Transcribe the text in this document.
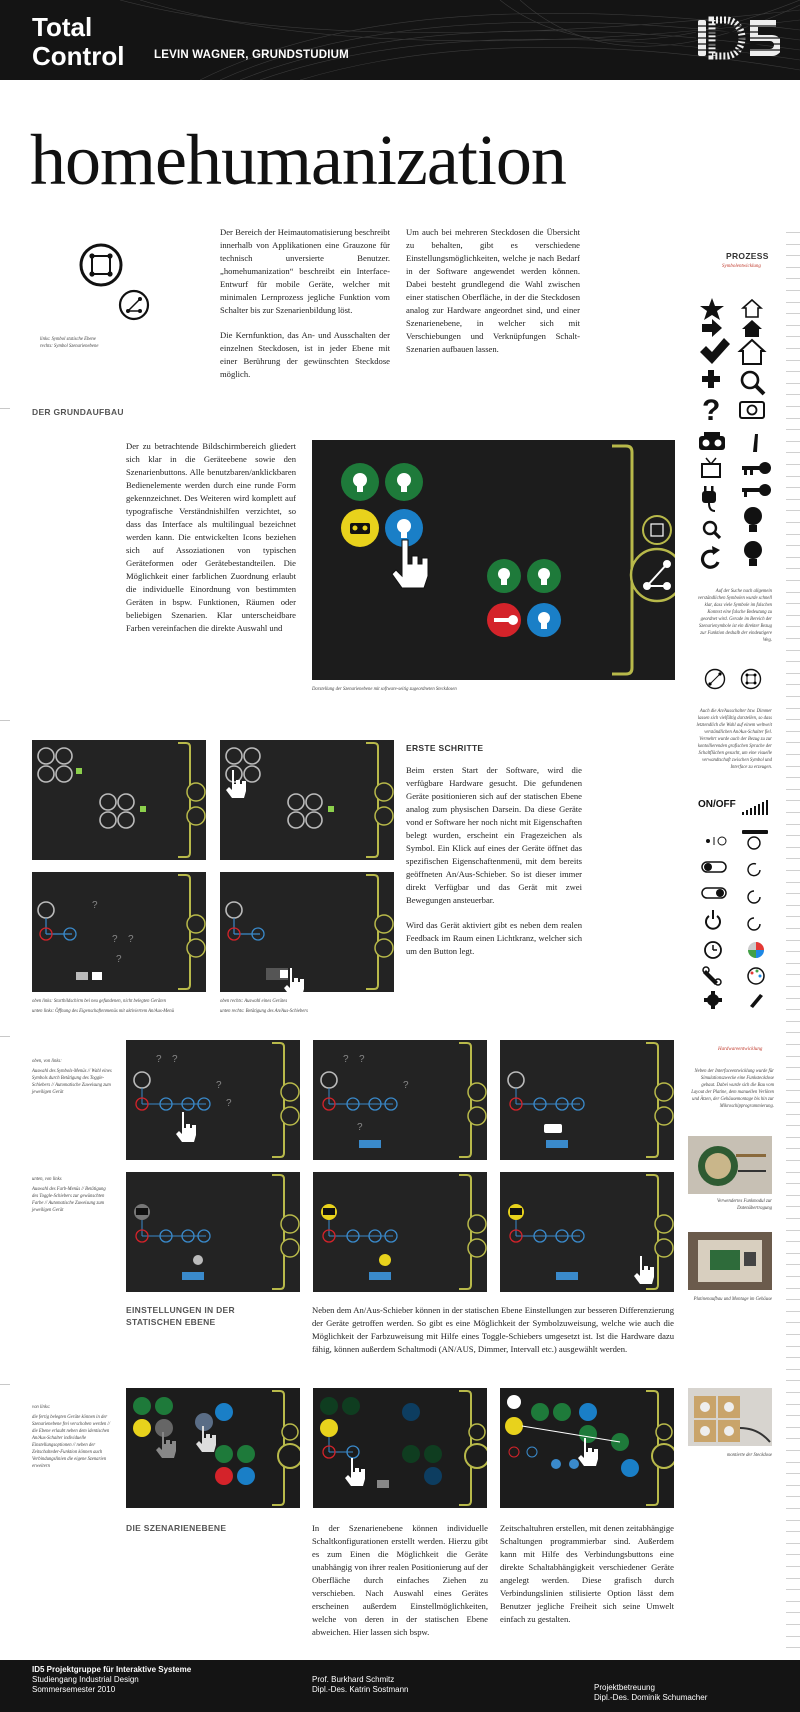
Total
Control	LEVIN WAGNER, GRUNDSTUDIUM
homehumanization
links: Symbol statische Ebene
rechts: Symbol Szenarienebene

Der Bereich der Heimautomatisierung beschreibt innerhalb von Applikationen eine Grauzone für technisch unversierte Benutzer. „homehumanization“ beschreibt ein Interface-Entwurf für mobile Geräte, welcher mit minimalen Lernprozess jegliche Funktion vom Schalter bis zur Szenarienbildung löst.

Die Kernfunktion, das An- und Ausschalten der einzelnen Steckdosen, ist in jeder Ebene mit einer Berührung der gewünschten Steckdose möglich.

Um auch bei mehreren Steckdosen die Übersicht zu behalten, gibt es verschiedene Einstellungsmöglichkeiten, welche je nach Bedarf in der Software angewendet werden können. Dabei besteht grundlegend die Wahl zwischen einer statischen Oberfläche, in der die Steckdosen analog zur Hardware angeordnet sind, und einer Szenarienebene, in welcher sich mit Verschiebungen und Verknüpfungen Schalt-Szenarien aufbauen lassen.
PROZESS
Symbolentwicklung
?
Auf der Suche nach allgemein verständlichen Symbolen wurde schnell klar, dass viele Symbole im falschen Kontext eine falsche Bedeutung zu geordnet wird. Gerade im Bereich der Szenarienymbole ist ein direkter Bezug zur Funktion deshalb der eindeutigere Weg.
Auch die An/Ausschalter bzw. Dimmer lassen sich vielfältig darstellen, so dass letztendlich die Wahl auf einem weltweit verständlichen An/Aus-Schalter fiel. Vermehrt wurde auch der Bezug zu zur kontollierenden grafischen Sprache der Schaltflächen gesucht, um eine visuelle verwandtschaft zwischen Symbol und Interface zu erzeugen.
ON/OFF
Hardwareentwicklung
Neben der Interfaceentwicklung wurde für Simulationszwecke eine Funksteckdose gebaut. Dabei wurde sich die Bau vom Layout der Platine, dem manuellen Verlöten und Ätzen, der Gehäusemontage bis hin zur Mikroschipprogrammierung.
Verwendertes Funkmodul zur Datenübertragung
Platinenaufbau und Montage im Gehäuse
montierte der Steckdose
DER GRUNDAUFBAU
Der zu betrachtende Bildschirmbereich gliedert sich klar in die Geräteebene sowie den Szenarienbuttons. Alle benutzbaren/anklickbaren Bedienelemente werden durch eine runde Form gekennzeichnet. Des Weiteren wird komplett auf typografische Verständnishilfen verzichtet, so dass das Interface als multilingual bezeichnet werden kann. Die entwickelten Icons beziehen sich auf Assoziationen von typischen Geräteformen oder Gerätebestandteilen. Die Möglichkeit einer farblichen Zuordnung erlaubt die individuelle Einordnung von bestimmten Geräten in bspw. Funktionen, Räumen oder beliebigen Szenarien. Klar unterscheidbare Farben vereinfachen die direkte Auswahl und
Darstellung der Szenarienebene mit software-seitig zugeordneten Steckdosen
?
? ?
?
oben links: Startbildschirm bei neu gefundenen, nicht belegten Geräten
unten links: Öffnung des Eigenschaftenmenüs mit aktiviertem An/Aus-Menü
oben rechts: Auswahl eines Gerätes
unten rechts: Betätigung des An/Aus-Schiebers
ERSTE SCHRITTE

Beim ersten Start der Software, wird die verfügbare Hardware gesucht. Die gefundenen Geräte positionieren sich auf der statischen Ebene analog zum physischen Darsein. Da diese Geräte vond er Software her noch nicht mit Eigenschaften belegt wurden, erscheint ein Fragezeichen als Symbol. Ein Klick auf eines der Geräte öffnet das spezifischen Eigenschaftenmenü, mit dem bereits geöffneten An/Aus-Schieber. So ist dieser immer direkt Verfügbar und das Gerät mit zwei Bewegungen ansteuerbar.

Wird das Gerät aktiviert gibt es neben dem realen Feedback im Raum einen Lichtkranz, welcher sich um den Button legt.

oben, von links:
Auswahl des Symbols-Menüs // Wahl eines Symbols durch Betätigung des Toggle-Schiebers // Automatische Zuweisung zum jeweiligen Gerät
unten, von links
Auswahl des Farb-Menüs // Betätigung des Toggle-Schiebers zur gewünschten Farbe // Automatische Zuweisung zum jeweiligen Gerät
? ?
?
?
? ?
?
?
EINSTELLUNGEN IN DER
STATISCHEN EBENE
Neben dem An/Aus-Schieber können in der statischen Ebene Einstellungen zur besseren Differenzierung der Geräte getroffen werden. So gibt es eine Möglichkeit der Symbolzuweisung, welche wie auch die Möglichkeit der Farbzuweisung mit Hilfe eines Toggle-Schiebers umgesetzt ist. Ist die Hardware dazu fähig, können außerdem Schaltmodi (AN/AUS, Dimmer, Intervall etc.) ausgewählt werden.
von links:
die fertig belegten Geräte können in der Szenarienebene frei verschoben werden // die Ebene erlaubt neben dem identischen An/Aus-Schalter individuelle Einstellungsoptionen // neben der Zeitschalteder-Funktion können auch Verbindungslinien die eigene Szenarien erweitern
DIE SZENARIENEBENE	In der Szenarienebene können individuelle Schaltkonfigurationen erstellt werden. Hierzu gibt es zum Einen die Möglichkeit die Geräte unabhängig von ihrer realen Positionierung auf der Oberfläche durch einfaches Ziehen zu verschieben. Nach Auswahl eines Gerätes erscheinen außerdem Einstellmöglichkeiten, welche von deren in der statischen Ebene abweichen. Hier lassen sich bspw.
Zeitschaltuhren erstellen, mit denen zeitabhängige Schaltungen programmierbar sind. Außerdem kann mit Hilfe des Verbindungsbuttons eine direkte Schaltabhängigkeit verschiedener Geräte angelegt werden. Diese grafisch durch Verbindungslinien stilisierte Option lässt dem Benutzer jegliche Freiheit sich seine Umwelt einfach zu gestalten.
ID5 Projektgruppe für Interaktive Systeme
Studiengang Industrial Design
Sommersemester 2010
Prof. Burkhard Schmitz
Dipl.-Des. Katrin Sostmann	Projektbetreuung
Dipl.-Des. Dominik Schumacher
